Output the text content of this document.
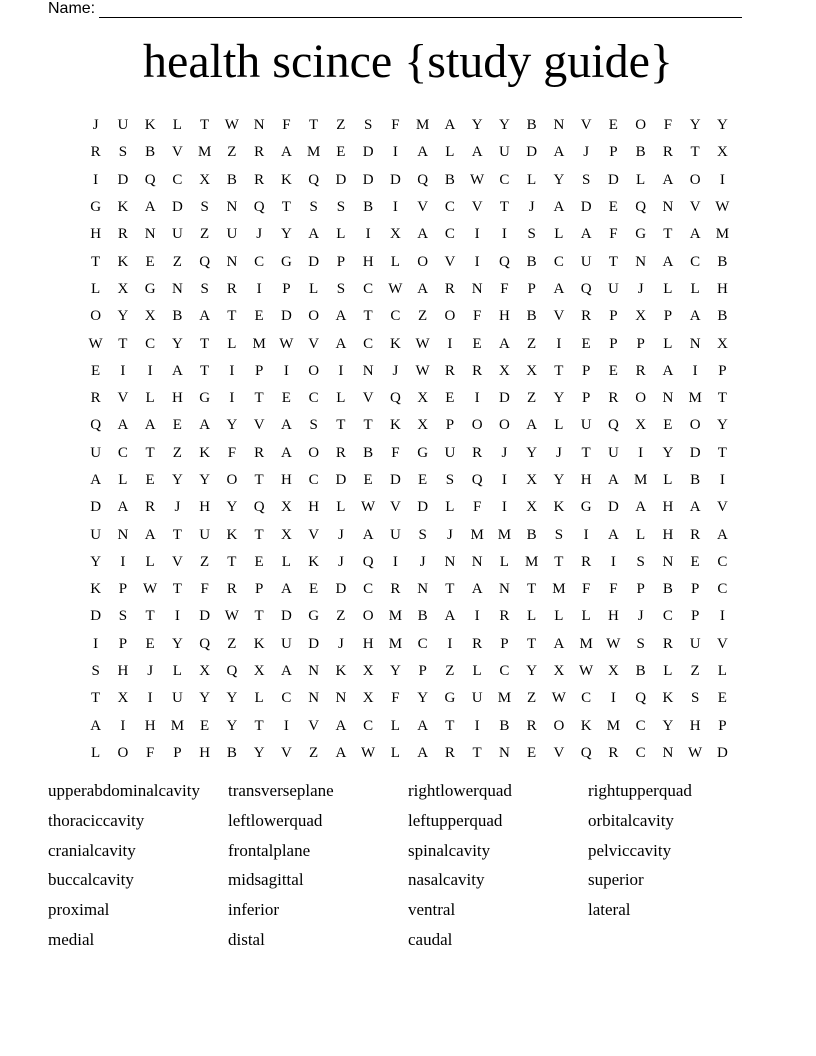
Name:
health scince {study guide}
J	U	K	L	T	W N	F	T	Z	S	F	M	A	Y	Y	B	N	V	E	O	F	Y	Y
R	S	B	V	M	Z	R	A	M	E	D	I	A	L	A	U	D	A	J	P	B	R	T	X
I	D	Q	C	X	B	R	K	Q	D	D	D	Q	B	W	C	L	Y	S	D	L	A	O	I
G	K	A	D	S	N	Q	T	S	S	B	I	V	C	V	T	J	A	D	E	Q	N	V W
H	R	N	U	Z	U	J	Y	A	L	I	X	A	C	I	I	S	L	A	F	G	T	A	M
T	K	E	Z	Q	N	C	G	D	P	H	L	O	V	I	Q	B	C	U	T	N	A	C	B
L	X	G	N	S	R	I	P	L	S	C	W A	R	N	F	P	A	Q	U	J	L	L	H
O	Y	X	B	A	T	E	D	O	A	T	C	Z	O	F	H	B	V	R	P	X	P	A	B
W	T	C	Y	T	L	M W V	A	C	K W	I	E	A	Z	I	E	P	P	L	N	X
E	I	I	A	T	I	P	I	O	I	N	J	W	R	R	X	X	T	P	E	R	A	I	P
R	V	L	H	G	I	T	E	C	L	V	Q	X	E	I	D	Z	Y	P	R	O	N	M	T
Q	A	A	E	A	Y	V	A	S	T	T	K	X	P	O	O	A	L	U	Q	X	E	O	Y
U	C	T	Z	K	F	R	A	O	R	B	F	G	U	R	J	Y	J	T	U	I	Y	D	T
A	L	E	Y	Y	O	T	H	C	D	E	D	E	S	Q	I	X	Y	H	A	M	L	B	I
D	A	R	J	H	Y	Q	X	H	L	W V	D	L	F	I	X	K	G	D	A	H	A	V
U	N	A	T	U	K	T	X	V	J	A	U	S	J	M M	B	S	I	A	L	H	R	A
Y	I	L	V	Z	T	E	L	K	J	Q	I	J	N	N	L	M	T	R	I	S	N	E	C
K	P	W	T	F	R	P	A	E	D	C	R	N	T	A	N	T	M	F	F	P	B	P	C
D	S	T	I	D W	T	D	G	Z	O	M	B	A	I	R	L	L	L	H	J	C	P	I
I	P	E	Y	Q	Z	K	U	D	J	H	M	C	I	R	P	T	A	M W	S	R	U	V
S	H	J	L	X	Q	X	A	N	K	X	Y	P	Z	L	C	Y	X W X	B	L	Z	L
T	X	I	U	Y	Y	L	C	N	N	X	F	Y	G	U	M	Z	W	C	I	Q	K	S	E
A	I	H	M	E	Y	T	I	V	A	C	L	A	T	I	B	R	O	K	M	C	Y	H	P
L	O	F	P	H	B	Y	V	Z	A W	L	A	R	T	N	E	V	Q	R	C	N W D
upperabdominalcavity	transverseplane	rightlowerquad	rightupperquad
thoraciccavity	leftlowerquad	leftupperquad	orbitalcavity
cranialcavity	frontalplane	spinalcavity	pelviccavity
buccalcavity	midsagittal	nasalcavity	superior
proximal	inferior	ventral	lateral
medial	distal	caudal
